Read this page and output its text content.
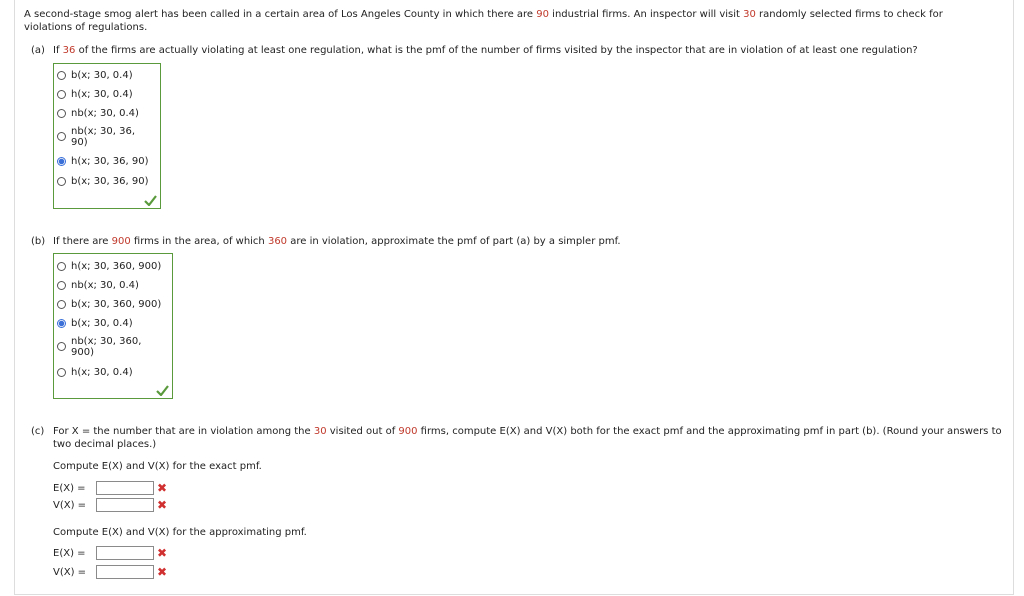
A second-stage smog alert has been called in a certain area of Los Angeles County in which there are 90 industrial firms. An inspector will visit 30 randomly selected firms to check for violations of regulations.
(a) If 36 of the firms are actually violating at least one regulation, what is the pmf of the number of firms visited by the inspector that are in violation of at least one regulation?
b(x; 30, 0.4)
h(x; 30, 0.4)
nb(x; 30, 0.4)
nb(x; 30, 36,
90)
h(x; 30, 36, 90)
b(x; 30, 36, 90)
(b) If there are 900 firms in the area, of which 360 are in violation, approximate the pmf of part (a) by a simpler pmf.
h(x; 30, 360, 900)
nb(x; 30, 0.4)
b(x; 30, 360, 900)
b(x; 30, 0.4)
nb(x; 30, 360,
900)
h(x; 30, 0.4)
(c) For X = the number that are in violation among the 30 visited out of 900 firms, compute E(X) and V(X) both for the exact pmf and the approximating pmf in part (b). (Round your answers to two decimal places.)
Compute E(X) and V(X) for the exact pmf.
E(X) =	✖
V(X) =	✖
Compute E(X) and V(X) for the approximating pmf.
E(X) =	✖
V(X) =	✖
